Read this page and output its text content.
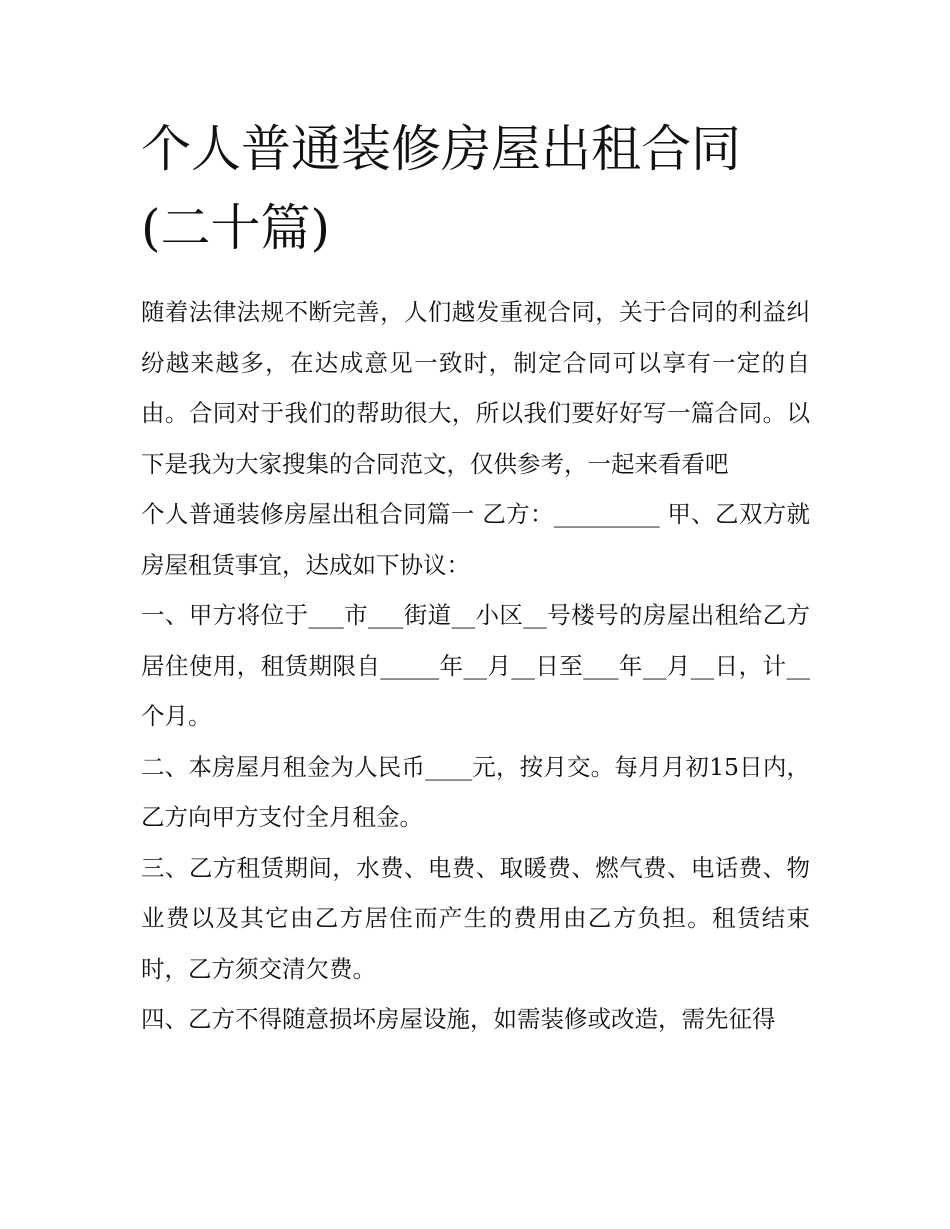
个人普通装修房屋出租合同(二十篇)

随着法律法规不断完善，人们越发重视合同，关于合同的利益纠纷越来越多，在达成意见一致时，制定合同可以享有一定的自由。合同对于我们的帮助很大，所以我们要好好写一篇合同。以下是我为大家搜集的合同范文，仅供参考，一起来看看吧

个人普通装修房屋出租合同篇一 乙方：_________ 甲、乙双方就房屋租赁事宜，达成如下协议：

一、甲方将位于___市___街道__小区__号楼号的房屋出租给乙方居住使用，租赁期限自_____年__月__日至___年__月__日，计__个月。

二、本房屋月租金为人民币____元，按月交。每月月初15日内，乙方向甲方支付全月租金。

三、乙方租赁期间，水费、电费、取暖费、燃气费、电话费、物业费以及其它由乙方居住而产生的费用由乙方负担。租赁结束时，乙方须交清欠费。

四、乙方不得随意损坏房屋设施，如需装修或改造，需先征得
